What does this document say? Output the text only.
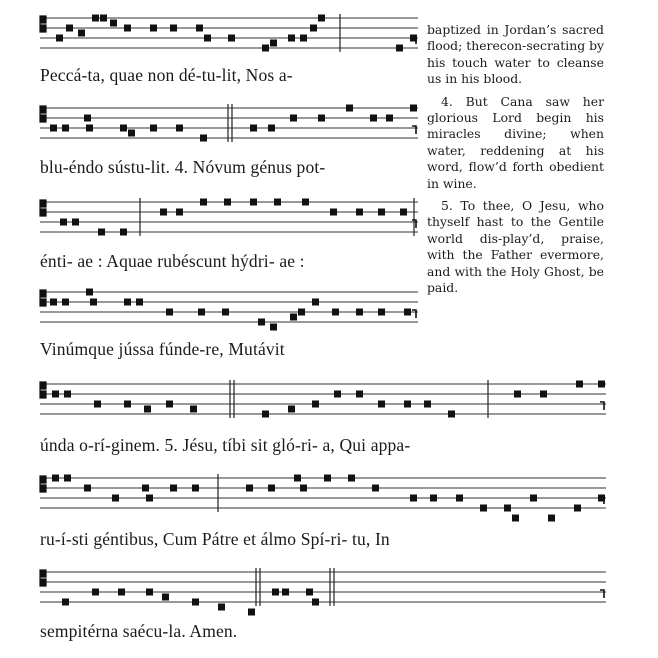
Peccá-ta, quae non dé-tu-lit, Nos a-
blu-éndo sústu-lit. 4. Nóvum génus pot-
énti- ae : Aquae rubéscunt hýdri- ae :
Vinúmque jússa fúnde-re, Mutávit
únda o-rí-ginem. 5. Jésu, tíbi sit gló-ri- a, Qui appa-
ru-í-sti géntibus, Cum Pátre et álmo Spí-ri- tu, In
sempitérna saécu-la. Amen.

baptized in Jordan’s sacred flood; therecon-secrating by his touch water to cleanse us in his blood.

4. But Cana saw her glorious Lord begin his miracles divine; when water, reddening at his word, flow’d forth obedient in wine.

5. To thee, O Jesu, who thyself hast to the Gentile world dis-play’d, praise, with the Father evermore, and with the Holy Ghost, be paid.
